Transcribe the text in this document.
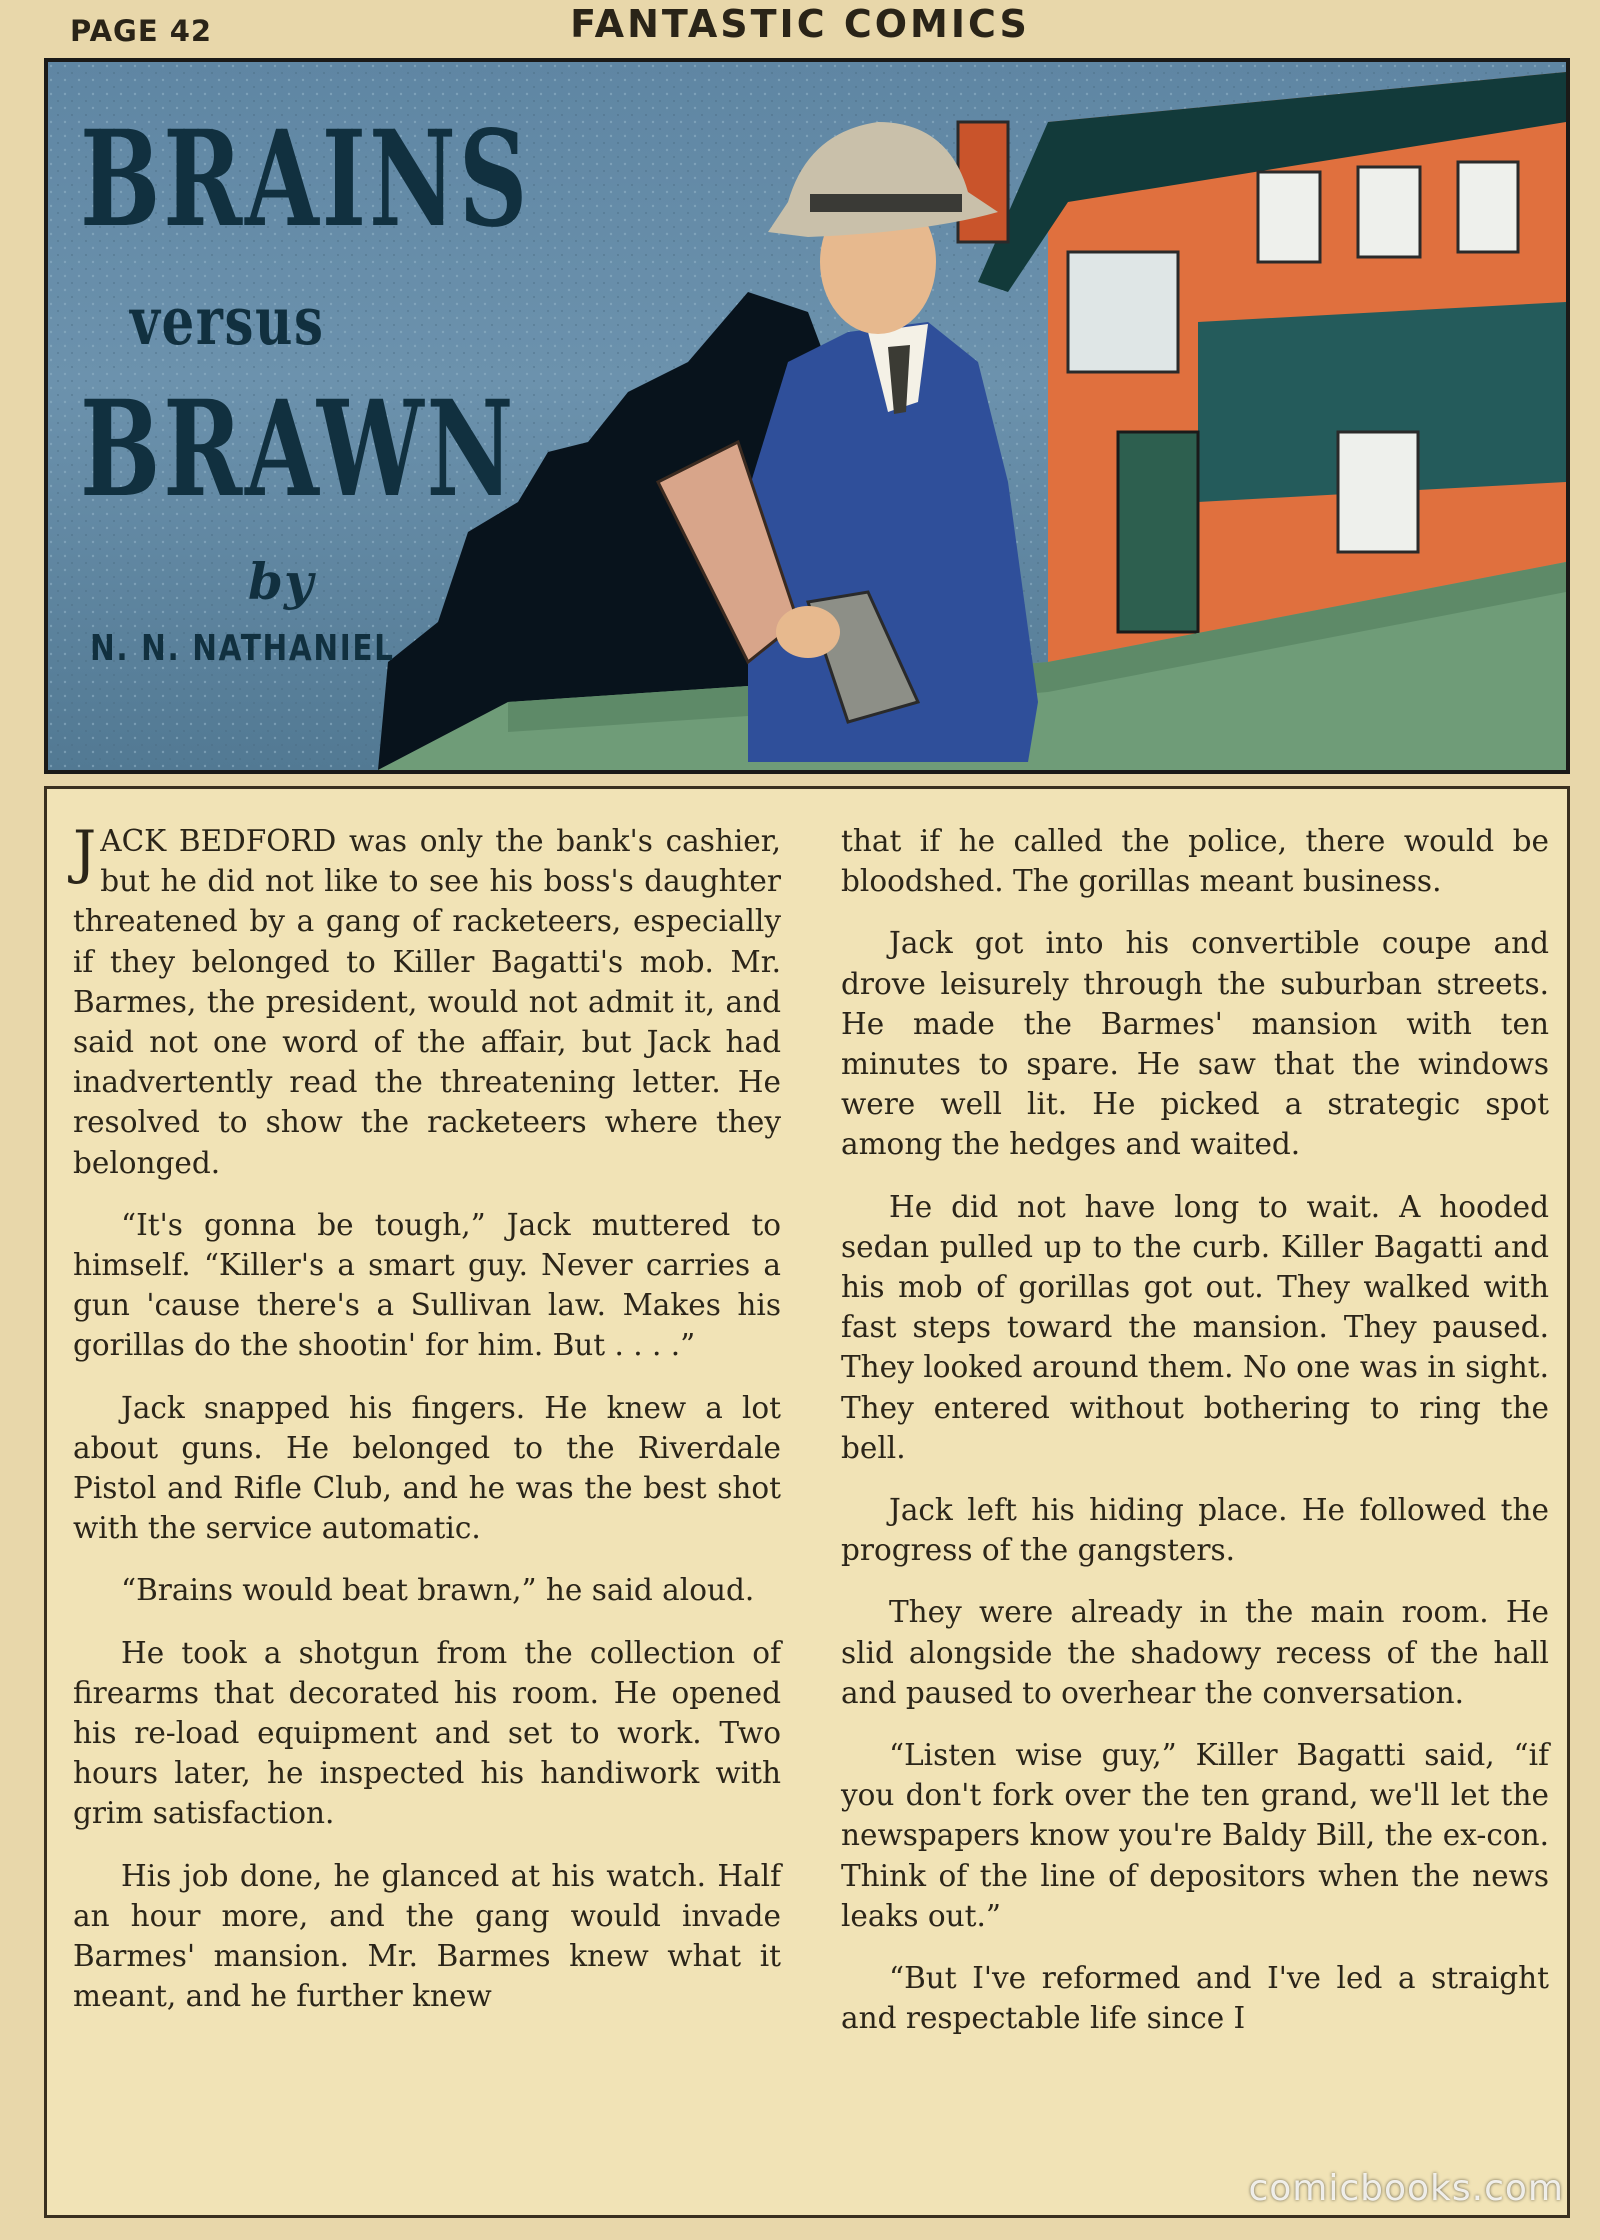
PAGE 42	FANTASTIC COMICS
BRAINS
versus
BRAWN
by
N. N. NATHANIEL

JACK BEDFORD was only the bank's cashier, but he did not like to see his boss's daughter threatened by a gang of racketeers, especially if they belonged to Killer Bagatti's mob. Mr. Barmes, the president, would not admit it, and said not one word of the affair, but Jack had inadvertently read the threatening letter. He resolved to show the racketeers where they belonged.

“It's gonna be tough,” Jack muttered to himself. “Killer's a smart guy. Never carries a gun 'cause there's a Sullivan law. Makes his gorillas do the shootin' for him. But . . . .”

Jack snapped his fingers. He knew a lot about guns. He belonged to the Riverdale Pistol and Rifle Club, and he was the best shot with the service automatic.

“Brains would beat brawn,” he said aloud.

He took a shotgun from the collection of firearms that decorated his room. He opened his re-load equipment and set to work. Two hours later, he inspected his handiwork with grim satisfaction.

His job done, he glanced at his watch. Half an hour more, and the gang would invade Barmes' mansion. Mr. Barmes knew what it meant, and he further knew

that if he called the police, there would be bloodshed. The gorillas meant business.

Jack got into his convertible coupe and drove leisurely through the suburban streets. He made the Barmes' mansion with ten minutes to spare. He saw that the windows were well lit. He picked a strategic spot among the hedges and waited.

He did not have long to wait. A hooded sedan pulled up to the curb. Killer Bagatti and his mob of gorillas got out. They walked with fast steps toward the mansion. They paused. They looked around them. No one was in sight. They entered without bothering to ring the bell.

Jack left his hiding place. He followed the progress of the gangsters.

They were already in the main room. He slid alongside the shadowy recess of the hall and paused to overhear the conversation.

“Listen wise guy,” Killer Bagatti said, “if you don't fork over the ten grand, we'll let the newspapers know you're Baldy Bill, the ex-con. Think of the line of depositors when the news leaks out.”

“But I've reformed and I've led a straight and respectable life since I

comicbooks.com
